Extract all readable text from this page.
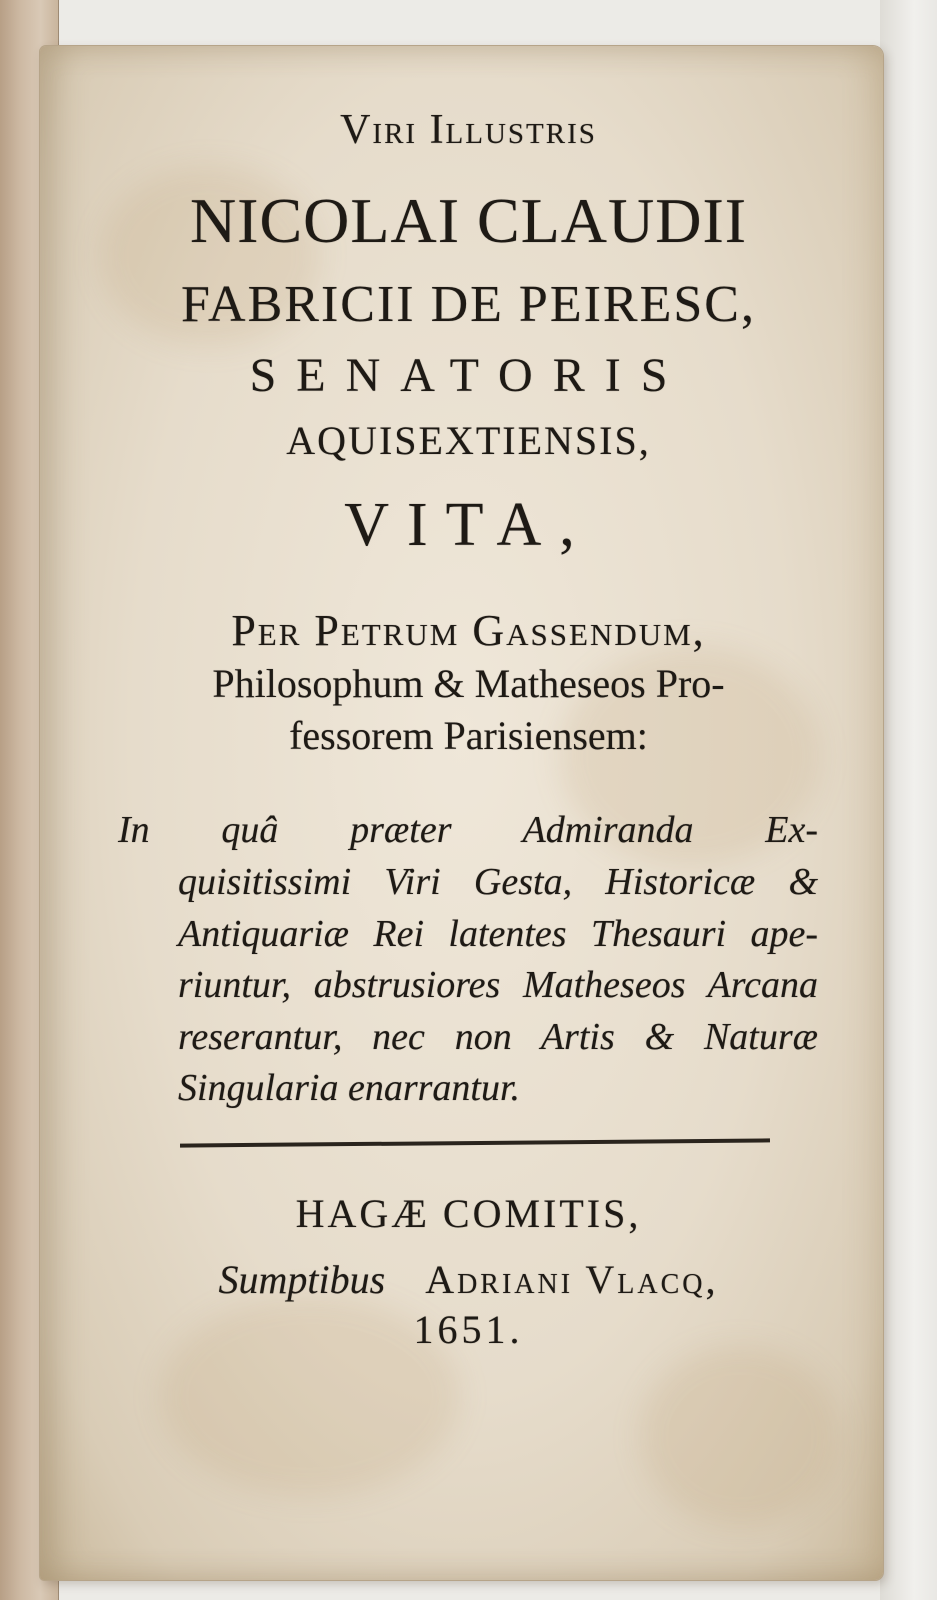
Viri Illustris
NICOLAI CLAUDII
FABRICII DE PEIRESC,
SENATORIS
AQUISEXTIENSIS,
VITA,
Per Petrum Gassendum,
Philosophum & Matheseos Pro-
fessorem Parisiensem:
In quâ præter Admiranda Ex-
quisitissimi Viri Gesta, Historicæ &
Antiquariæ Rei latentes Thesauri ape-
riuntur, abstrusiores Matheseos Arcana
reserantur, nec non Artis & Naturæ
Singularia enarrantur.
HAGÆ COMITIS,
Sumptibus Adriani Vlacq,
1651.
